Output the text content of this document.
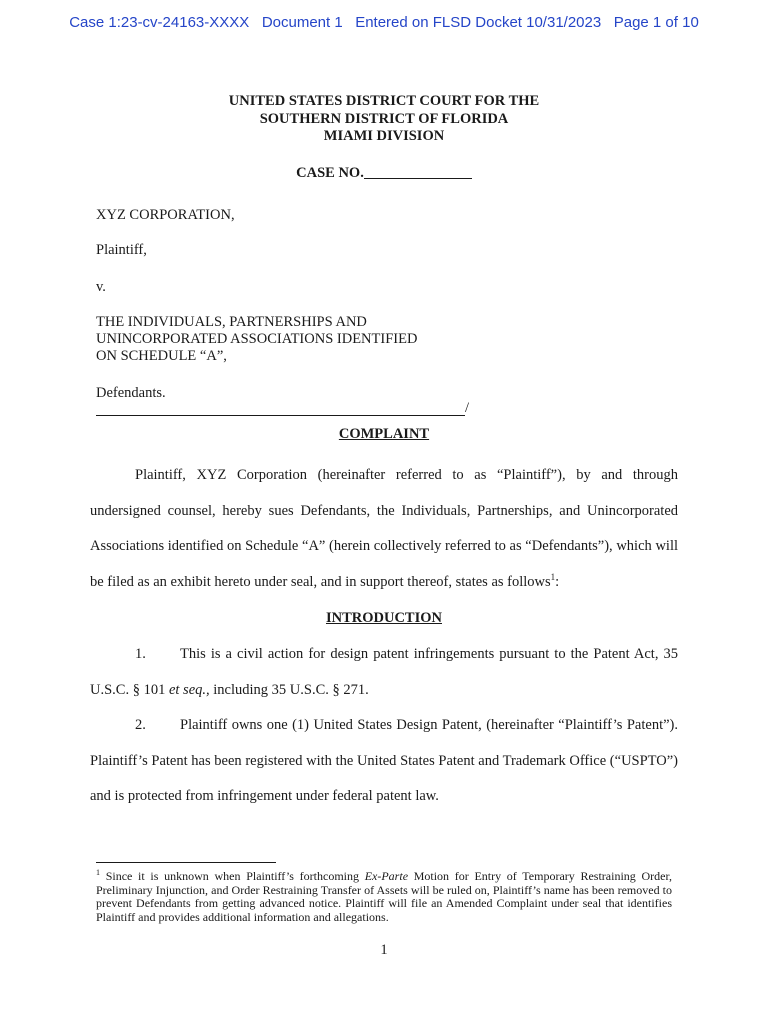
Case 1:23-cv-24163-XXXX Document 1 Entered on FLSD Docket 10/31/2023 Page 1 of 10
UNITED STATES DISTRICT COURT FOR THE
SOUTHERN DISTRICT OF FLORIDA
MIAMI DIVISION
CASE NO.
XYZ CORPORATION,
Plaintiff,
v.
THE INDIVIDUALS, PARTNERSHIPS AND
UNINCORPORATED ASSOCIATIONS IDENTIFIED
ON SCHEDULE “A”,
Defendants.
/
COMPLAINT
Plaintiff, XYZ Corporation (hereinafter referred to as “Plaintiff”), by and through undersigned counsel, hereby sues Defendants, the Individuals, Partnerships, and Unincorporated Associations identified on Schedule “A” (herein collectively referred to as “Defendants”), which will be filed as an exhibit hereto under seal, and in support thereof, states as follows$^1$:
INTRODUCTION
1. This is a civil action for design patent infringements pursuant to the Patent Act, 35 U.S.C. § 101 et seq., including 35 U.S.C. § 271.
2. Plaintiff owns one (1) United States Design Patent, (hereinafter “Plaintiff’s Patent”). Plaintiff’s Patent has been registered with the United States Patent and Trademark Office (“USPTO”) and is protected from infringement under federal patent law.
$^1$ Since it is unknown when Plaintiff’s forthcoming Ex-Parte Motion for Entry of Temporary Restraining Order, Preliminary Injunction, and Order Restraining Transfer of Assets will be ruled on, Plaintiff’s name has been removed to prevent Defendants from getting advanced notice. Plaintiff will file an Amended Complaint under seal that identifies Plaintiff and provides additional information and allegations.
1
